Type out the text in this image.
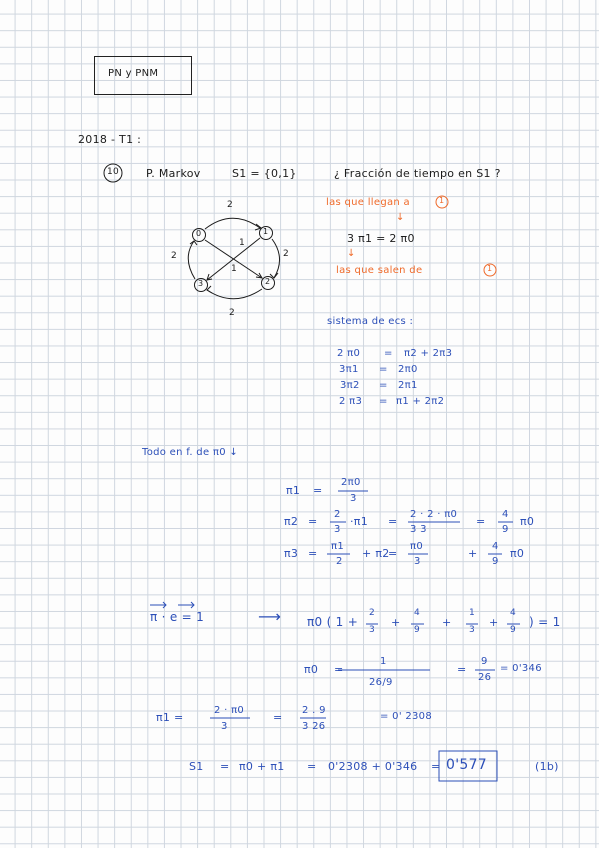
PN y PNM
2018 - T1 :
10 P. Markov	S1 = {0,1}	¿ Fracción de tiempo en S1 ?
0	1
2
3
2
2	2
2
1
1
las que llegan a	1
↓
3 π1 = 2 π0
↓
las que salen de	1
sistema de ecs :
2 π0 = π2 + 2π3
3π1 = 2π0
3π2 = 2π1
2 π3 = π1 + 2π2
Todo en f. de π0 ↓
π1 =
2π0
3
π2 =
2
3
·π1 =
2 · 2 · π0
3 3
=
4
9
π0
π3 =
π1
2
+ π2
=
π0
3
+
4
9
π0
π · e = 1	⟶ π0 ( 1 +
2
3
+
4
9
+
1
3
+
4
9
) = 1
π0 =
1
26/9
=
9
26
= 0'346
π1 =
2 · π0
3
=
2 . 9
3 26
= 0' 2308
S1 = π0 + π1 = 0'2308 + 0'346 = 0'577	(1b)
